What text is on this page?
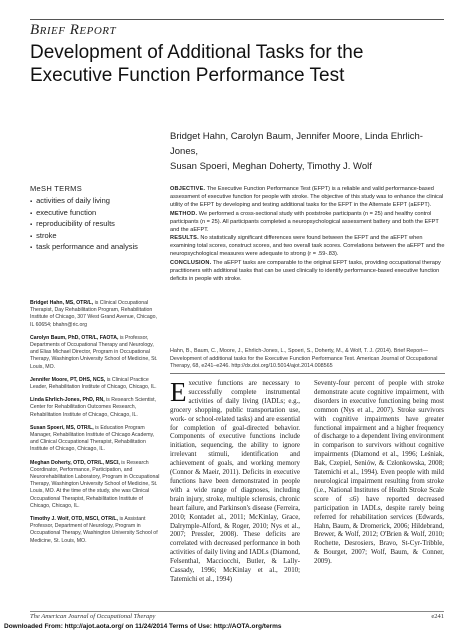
Brief Report
Development of Additional Tasks for the Executive Function Performance Test
Bridget Hahn, Carolyn Baum, Jennifer Moore, Linda Ehrlich-Jones,
Susan Spoeri, Meghan Doherty, Timothy J. Wolf
MeSH TERMS
▪ activities of daily living
▪ executive function
▪ reproducibility of results
▪ stroke
▪ task performance and analysis
Bridget Hahn, MS, OTR/L, is Clinical Occupational Therapist, Day Rehabilitation Program, Rehabilitation Institute of Chicago, 307 West Grand Avenue, Chicago, IL 60654; bhahn@ric.org
Carolyn Baum, PhD, OTR/L, FAOTA, is Professor, Departments of Occupational Therapy and Neurology, and Elias Michael Director, Program in Occupational Therapy, Washington University School of Medicine, St. Louis, MO.
Jennifer Moore, PT, DHS, NCS, is Clinical Practice Leader, Rehabilitation Institute of Chicago, Chicago, IL.
Linda Ehrlich-Jones, PhD, RN, is Research Scientist, Center for Rehabilitation Outcomes Research, Rehabilitation Institute of Chicago, Chicago, IL.
Susan Spoeri, MS, OTR/L, is Education Program Manager, Rehabilitation Institute of Chicago Academy, and Clinical Occupational Therapist, Rehabilitation Institute of Chicago, Chicago, IL.
Meghan Doherty, OTD, OTR/L, MSCI, is Research Coordinator, Performance, Participation, and Neurorehabilitation Laboratory, Program in Occupational Therapy, Washington University School of Medicine, St. Louis, MO. At the time of the study, she was Clinical Occupational Therapist, Rehabilitation Institute of Chicago, Chicago, IL.
Timothy J. Wolf, OTD, MSCI, OTR/L, is Assistant Professor, Department of Neurology, Program in Occupational Therapy, Washington University School of Medicine, St. Louis, MO.

OBJECTIVE. The Executive Function Performance Test (EFPT) is a reliable and valid performance-based assessment of executive function for people with stroke. The objective of this study was to enhance the clinical utility of the EFPT by developing and testing additional tasks for the EFPT in the Alternate EFPT (aEFPT).

METHOD. We performed a cross-sectional study with poststroke participants (n = 25) and healthy control participants (n = 25). All participants completed a neuropsychological assessment battery and both the EFPT and the aEFPT.

RESULTS. No statistically significant differences were found between the EFPT and the aEFPT when examining total scores, construct scores, and two overall task scores. Correlations between the aEFPT and the neuropsychological measures were adequate to strong (r = .59-.83).

CONCLUSION. The aEFPT tasks are comparable to the original EFPT tasks, providing occupational therapy practitioners with additional tasks that can be used clinically to identify performance-based executive function deficits in people with stroke.

Hahn, B., Baum, C., Moore, J., Ehrlich-Jones, L., Spoeri, S., Doherty, M., & Wolf, T. J. (2014). Brief Report—Development of additional tasks for the Executive Function Performance Test. American Journal of Occupational Therapy, 68, e241–e246. http://dx.doi.org/10.5014/ajot.2014.008565
Executive functions are necessary to successfully complete instrumental activities of daily living (IADLs; e.g., grocery shopping, public transportation use, work- or school-related tasks) and are essential for completion of goal-directed behavior. Components of executive functions include initiation, sequencing, the ability to ignore irrelevant stimuli, identification and achievement of goals, and working memory (Connor & Maeir, 2011). Deficits in executive functions have been demonstrated in people with a wide range of diagnoses, including brain injury, stroke, multiple sclerosis, chronic heart failure, and Parkinson's disease (Ferreira, 2010; Kontadet al., 2011; McKinlay, Grace, Dalrymple-Alford, & Roger, 2010; Nys et al., 2007; Pressler, 2008). These deficits are correlated with decreased performance in both activities of daily living and IADLs (Diamond, Felsenthal, Macciocchi, Butler, & Lally-Cassady, 1996; McKinlay et al., 2010; Tatemichi et al., 1994)
Seventy-four percent of people with stroke demonstrate acute cognitive impairment, with disorders in executive functioning being most common (Nys et al., 2007). Stroke survivors with cognitive impairments have greater functional impairment and a higher frequency of discharge to a dependent living environment in comparison to survivors without cognitive impairments (Diamond et al., 1996; Leśniak, Bak, Czepiel, Seniów, & Członkowska, 2008; Tatemichi et al., 1994). Even people with mild neurological impairment resulting from stroke (i.e., National Institutes of Health Stroke Scale score of ≤6) have reported decreased participation in IADLs, despite rarely being referred for rehabilitation services (Edwards, Hahn, Baum, & Dromerick, 2006; Hildebrand, Brewer, & Wolf, 2012; O'Brien & Wolf, 2010; Rochette, Desrosiers, Bravo, St-Cyr-Tribble, & Bourget, 2007; Wolf, Baum, & Conner, 2009).
The American Journal of Occupational Therapy	e241
Downloaded From: http://ajot.aota.org/ on 11/24/2014 Terms of Use: http://AOTA.org/terms
